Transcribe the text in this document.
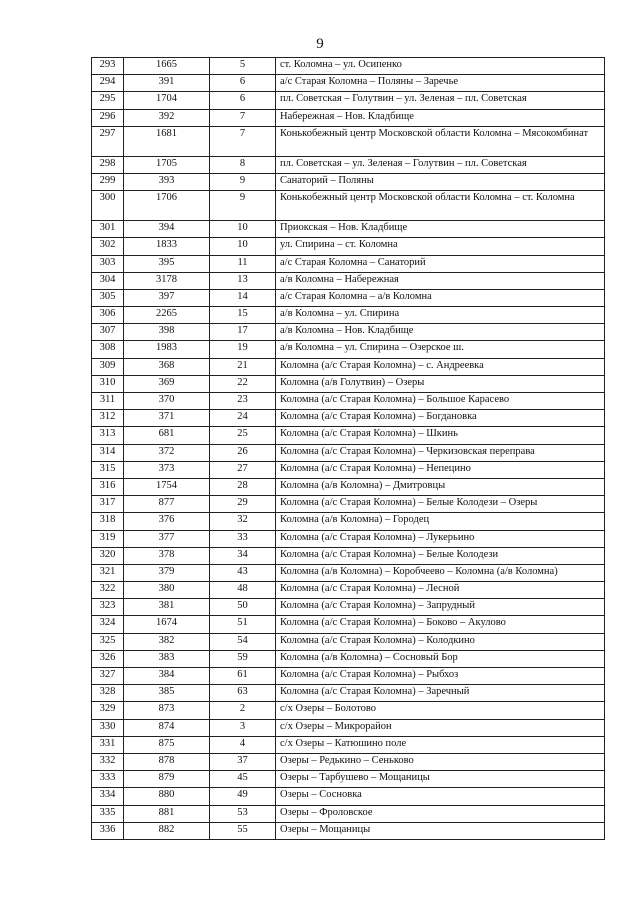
9
293	1665	5	ст. Коломна – ул. Осипенко
294	391	6	а/с Старая Коломна – Поляны – Заречье
295	1704	6	пл. Советская – Голутвин – ул. Зеленая – пл. Советская
296	392	7	Набережная – Нов. Кладбище
297	1681	7	Конькобежный центр Московской области Коломна – Мясокомбинат
298	1705	8	пл. Советская – ул. Зеленая – Голутвин – пл. Советская
299	393	9	Санаторий – Поляны
300	1706	9	Конькобежный центр Московской области Коломна – ст. Коломна
301	394	10	Приокская – Нов. Кладбище
302	1833	10	ул. Спирина – ст. Коломна
303	395	11	а/с Старая Коломна – Санаторий
304	3178	13	а/в Коломна – Набережная
305	397	14	а/с Старая Коломна – а/в Коломна
306	2265	15	а/в Коломна – ул. Спирина
307	398	17	а/в Коломна – Нов. Кладбище
308	1983	19	а/в Коломна – ул. Спирина – Озерское ш.
309	368	21	Коломна (а/с Старая Коломна) – с. Андреевка
310	369	22	Коломна (а/в Голутвин) – Озеры
311	370	23	Коломна (а/с Старая Коломна) – Большое Карасево
312	371	24	Коломна (а/с Старая Коломна) – Богдановка
313	681	25	Коломна (а/с Старая Коломна) – Шкинь
314	372	26	Коломна (а/с Старая Коломна) – Черкизовская переправа
315	373	27	Коломна (а/с Старая Коломна) – Непецино
316	1754	28	Коломна (а/в Коломна) – Дмитровцы
317	877	29	Коломна (а/с Старая Коломна) – Белые Колодези – Озеры
318	376	32	Коломна (а/в Коломна) – Городец
319	377	33	Коломна (а/с Старая Коломна) – Лукерьино
320	378	34	Коломна (а/с Старая Коломна) – Белые Колодези
321	379	43	Коломна (а/в Коломна) – Коробчеево – Коломна (а/в Коломна)
322	380	48	Коломна (а/с Старая Коломна) – Лесной
323	381	50	Коломна (а/с Старая Коломна) – Запрудный
324	1674	51	Коломна (а/с Старая Коломна) – Боково – Акулово
325	382	54	Коломна (а/с Старая Коломна) – Колодкино
326	383	59	Коломна (а/в Коломна) – Сосновый Бор
327	384	61	Коломна (а/с Старая Коломна) – Рыбхоз
328	385	63	Коломна (а/с Старая Коломна) – Заречный
329	873	2	с/х Озеры – Болотово
330	874	3	с/х Озеры – Микрорайон
331	875	4	с/х Озеры – Катюшино поле
332	878	37	Озеры – Редькино – Сеньково
333	879	45	Озеры – Тарбушево – Мощаницы
334	880	49	Озеры – Сосновка
335	881	53	Озеры – Фроловское
336	882	55	Озеры – Мощаницы
